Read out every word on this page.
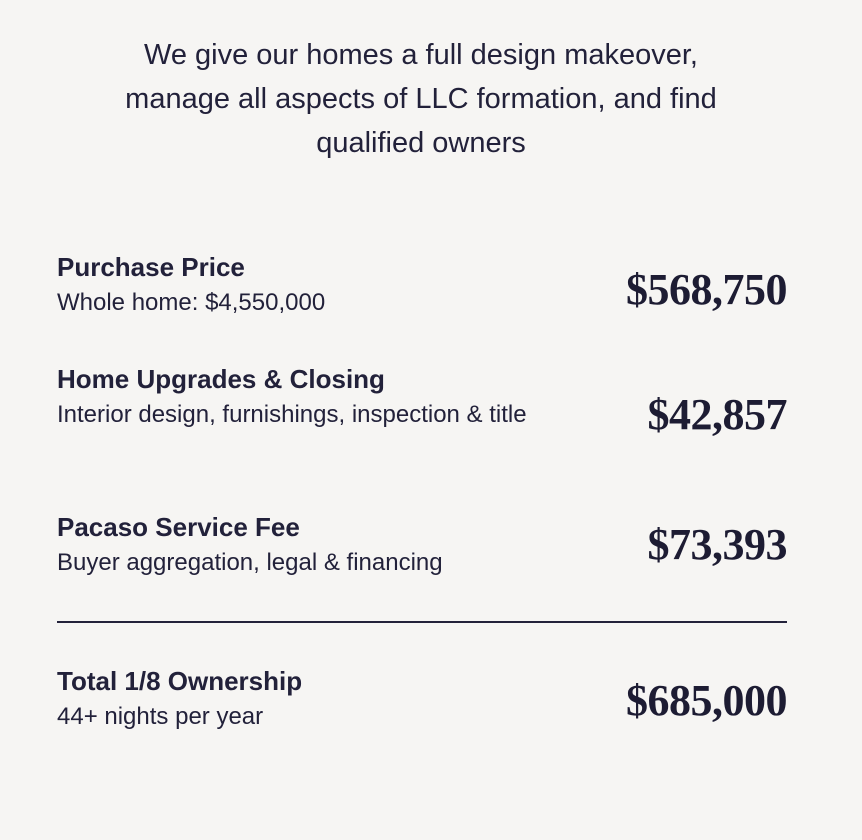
We give our homes a full design makeover,
manage all aspects of LLC formation, and find
qualified owners

Purchase Price

Whole home: $4,550,000	$568,750

Home Upgrades & Closing

Interior design, furnishings, inspection & title	$42,857

Pacaso Service Fee

Buyer aggregation, legal & financing	$73,393

Total 1/8 Ownership

44+ nights per year	$685,000
